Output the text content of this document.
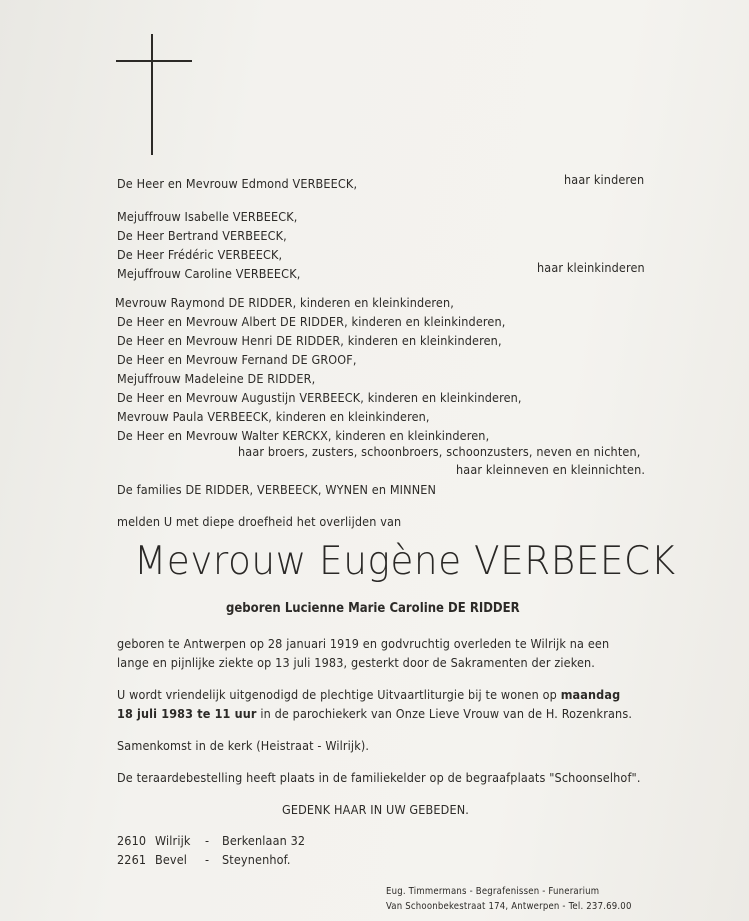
De Heer en Mevrouw Edmond VERBEECK,	haar kinderen
Mejuffrouw Isabelle VERBEECK,
De Heer Bertrand VERBEECK,
De Heer Frédéric VERBEECK,
Mejuffrouw Caroline VERBEECK,	haar kleinkinderen
Mevrouw Raymond DE RIDDER, kinderen en kleinkinderen,
De Heer en Mevrouw Albert DE RIDDER, kinderen en kleinkinderen,
De Heer en Mevrouw Henri DE RIDDER, kinderen en kleinkinderen,
De Heer en Mevrouw Fernand DE GROOF,
Mejuffrouw Madeleine DE RIDDER,
De Heer en Mevrouw Augustijn VERBEECK, kinderen en kleinkinderen,
Mevrouw Paula VERBEECK, kinderen en kleinkinderen,
De Heer en Mevrouw Walter KERCKX, kinderen en kleinkinderen,
haar broers, zusters, schoonbroers, schoonzusters, neven en nichten,
haar kleinneven en kleinnichten.
De families DE RIDDER, VERBEECK, WYNEN en MINNEN
melden U met diepe droefheid het overlijden van
Mevrouw Eugène VERBEECK
geboren Lucienne Marie Caroline DE RIDDER
geboren te Antwerpen op 28 januari 1919 en godvruchtig overleden te Wilrijk na een
lange en pijnlijke ziekte op 13 juli 1983, gesterkt door de Sakramenten der zieken.
U wordt vriendelijk uitgenodigd de plechtige Uitvaartliturgie bij te wonen op maandag
18 juli 1983 te 11 uur in de parochiekerk van Onze Lieve Vrouw van de H. Rozenkrans.
Samenkomst in de kerk (Heistraat - Wilrijk).
De teraardebestelling heeft plaats in de familiekelder op de begraafplaats "Schoonselhof".
GEDENK HAAR IN UW GEBEDEN.
2610 Wilrijk - Berkenlaan 32
2261 Bevel - Steynenhof.
Eug. Timmermans - Begrafenissen - Funerarium
Van Schoonbekestraat 174, Antwerpen - Tel. 237.69.00
